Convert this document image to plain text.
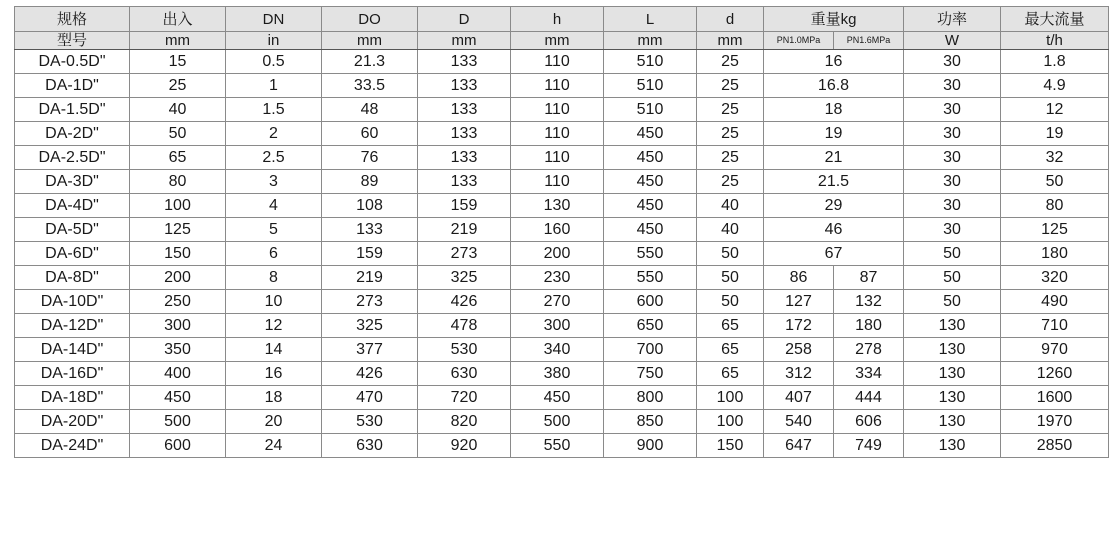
规格	出入	DN	DO	D	h	L	d	重量kg		功率	最大流量
型号	mm	in	mm	mm	mm	mm	mm	PN1.0MPa	PN1.6MPa	W	t/h
DA-0.5D"	15	0.5	21.3	133	110	510	25	16		30	1.8
DA-1D"	25	1	33.5	133	110	510	25	16.8		30	4.9
DA-1.5D"	40	1.5	48	133	110	510	25	18		30	12
DA-2D"	50	2	60	133	110	450	25	19		30	19
DA-2.5D"	65	2.5	76	133	110	450	25	21		30	32
DA-3D"	80	3	89	133	110	450	25	21.5		30	50
DA-4D"	100	4	108	159	130	450	40	29		30	80
DA-5D"	125	5	133	219	160	450	40	46		30	125
DA-6D"	150	6	159	273	200	550	50	67		50	180
DA-8D"	200	8	219	325	230	550	50	86	87	50	320
DA-10D"	250	10	273	426	270	600	50	127	132	50	490
DA-12D"	300	12	325	478	300	650	65	172	180	130	710
DA-14D"	350	14	377	530	340	700	65	258	278	130	970
DA-16D"	400	16	426	630	380	750	65	312	334	130	1260
DA-18D"	450	18	470	720	450	800	100	407	444	130	1600
DA-20D"	500	20	530	820	500	850	100	540	606	130	1970
DA-24D"	600	24	630	920	550	900	150	647	749	130	2850
